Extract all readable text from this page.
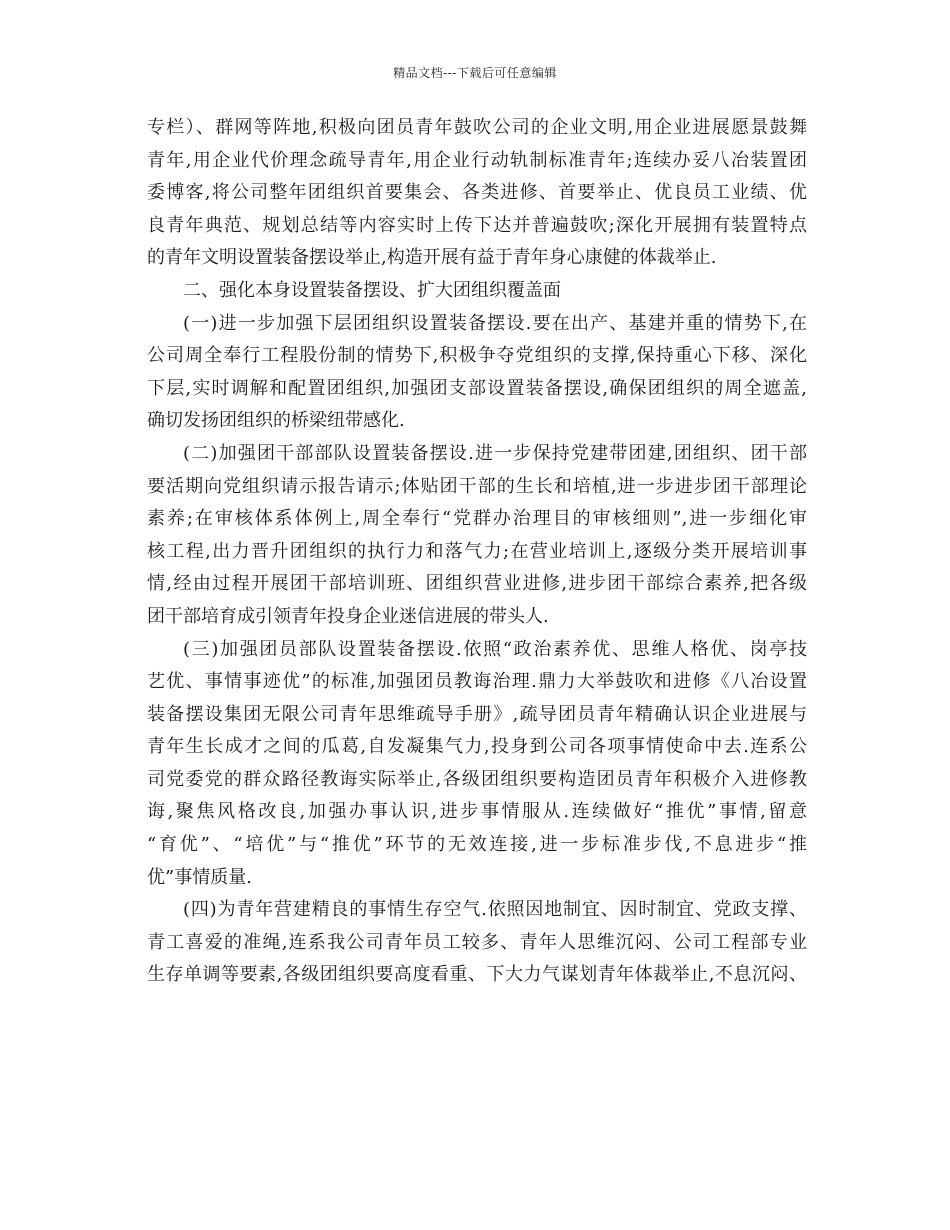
精品文档---下载后可任意编辑
专栏）、群网等阵地,积极向团员青年鼓吹公司的企业文明,用企业进展愿景鼓舞
青年,用企业代价理念疏导青年,用企业行动轨制标准青年;连续办妥八冶装置团
委博客,将公司整年团组织首要集会、各类进修、首要举止、优良员工业绩、优
良青年典范、规划总结等内容实时上传下达并普遍鼓吹;深化开展拥有装置特点
的青年文明设置装备摆设举止,构造开展有益于青年身心康健的体裁举止.
二、强化本身设置装备摆设、扩大团组织覆盖面
(一)进一步加强下层团组织设置装备摆设.要在出产、基建并重的情势下,在
公司周全奉行工程股份制的情势下,积极争夺党组织的支撑,保持重心下移、深化
下层,实时调解和配置团组织,加强团支部设置装备摆设,确保团组织的周全遮盖,
确切发扬团组织的桥梁纽带感化.
(二)加强团干部部队设置装备摆设.进一步保持党建带团建,团组织、团干部
要活期向党组织请示报告请示;体贴团干部的生长和培植,进一步进步团干部理论
素养;在审核体系体例上,周全奉行“党群办治理目的审核细则”,进一步细化审
核工程,出力晋升团组织的执行力和落气力;在营业培训上,逐级分类开展培训事
情,经由过程开展团干部培训班、团组织营业进修,进步团干部综合素养,把各级
团干部培育成引领青年投身企业迷信进展的带头人.
(三)加强团员部队设置装备摆设.依照“政治素养优、思维人格优、岗亭技
艺优、事情事迹优”的标准,加强团员教诲治理.鼎力大举鼓吹和进修《八冶设置
装备摆设集团无限公司青年思维疏导手册》,疏导团员青年精确认识企业进展与
青年生长成才之间的瓜葛,自发凝集气力,投身到公司各项事情使命中去.连系公
司党委党的群众路径教诲实际举止,各级团组织要构造团员青年积极介入进修教
诲,聚焦风格改良,加强办事认识,进步事情服从.连续做好“推优”事情,留意
“育优”、“培优”与“推优”环节的无效连接,进一步标准步伐,不息进步“推
优”事情质量.
(四)为青年营建精良的事情生存空气.依照因地制宜、因时制宜、党政支撑、
青工喜爱的准绳,连系我公司青年员工较多、青年人思维沉闷、公司工程部专业
生存单调等要素,各级团组织要高度看重、下大力气谋划青年体裁举止,不息沉闷、
